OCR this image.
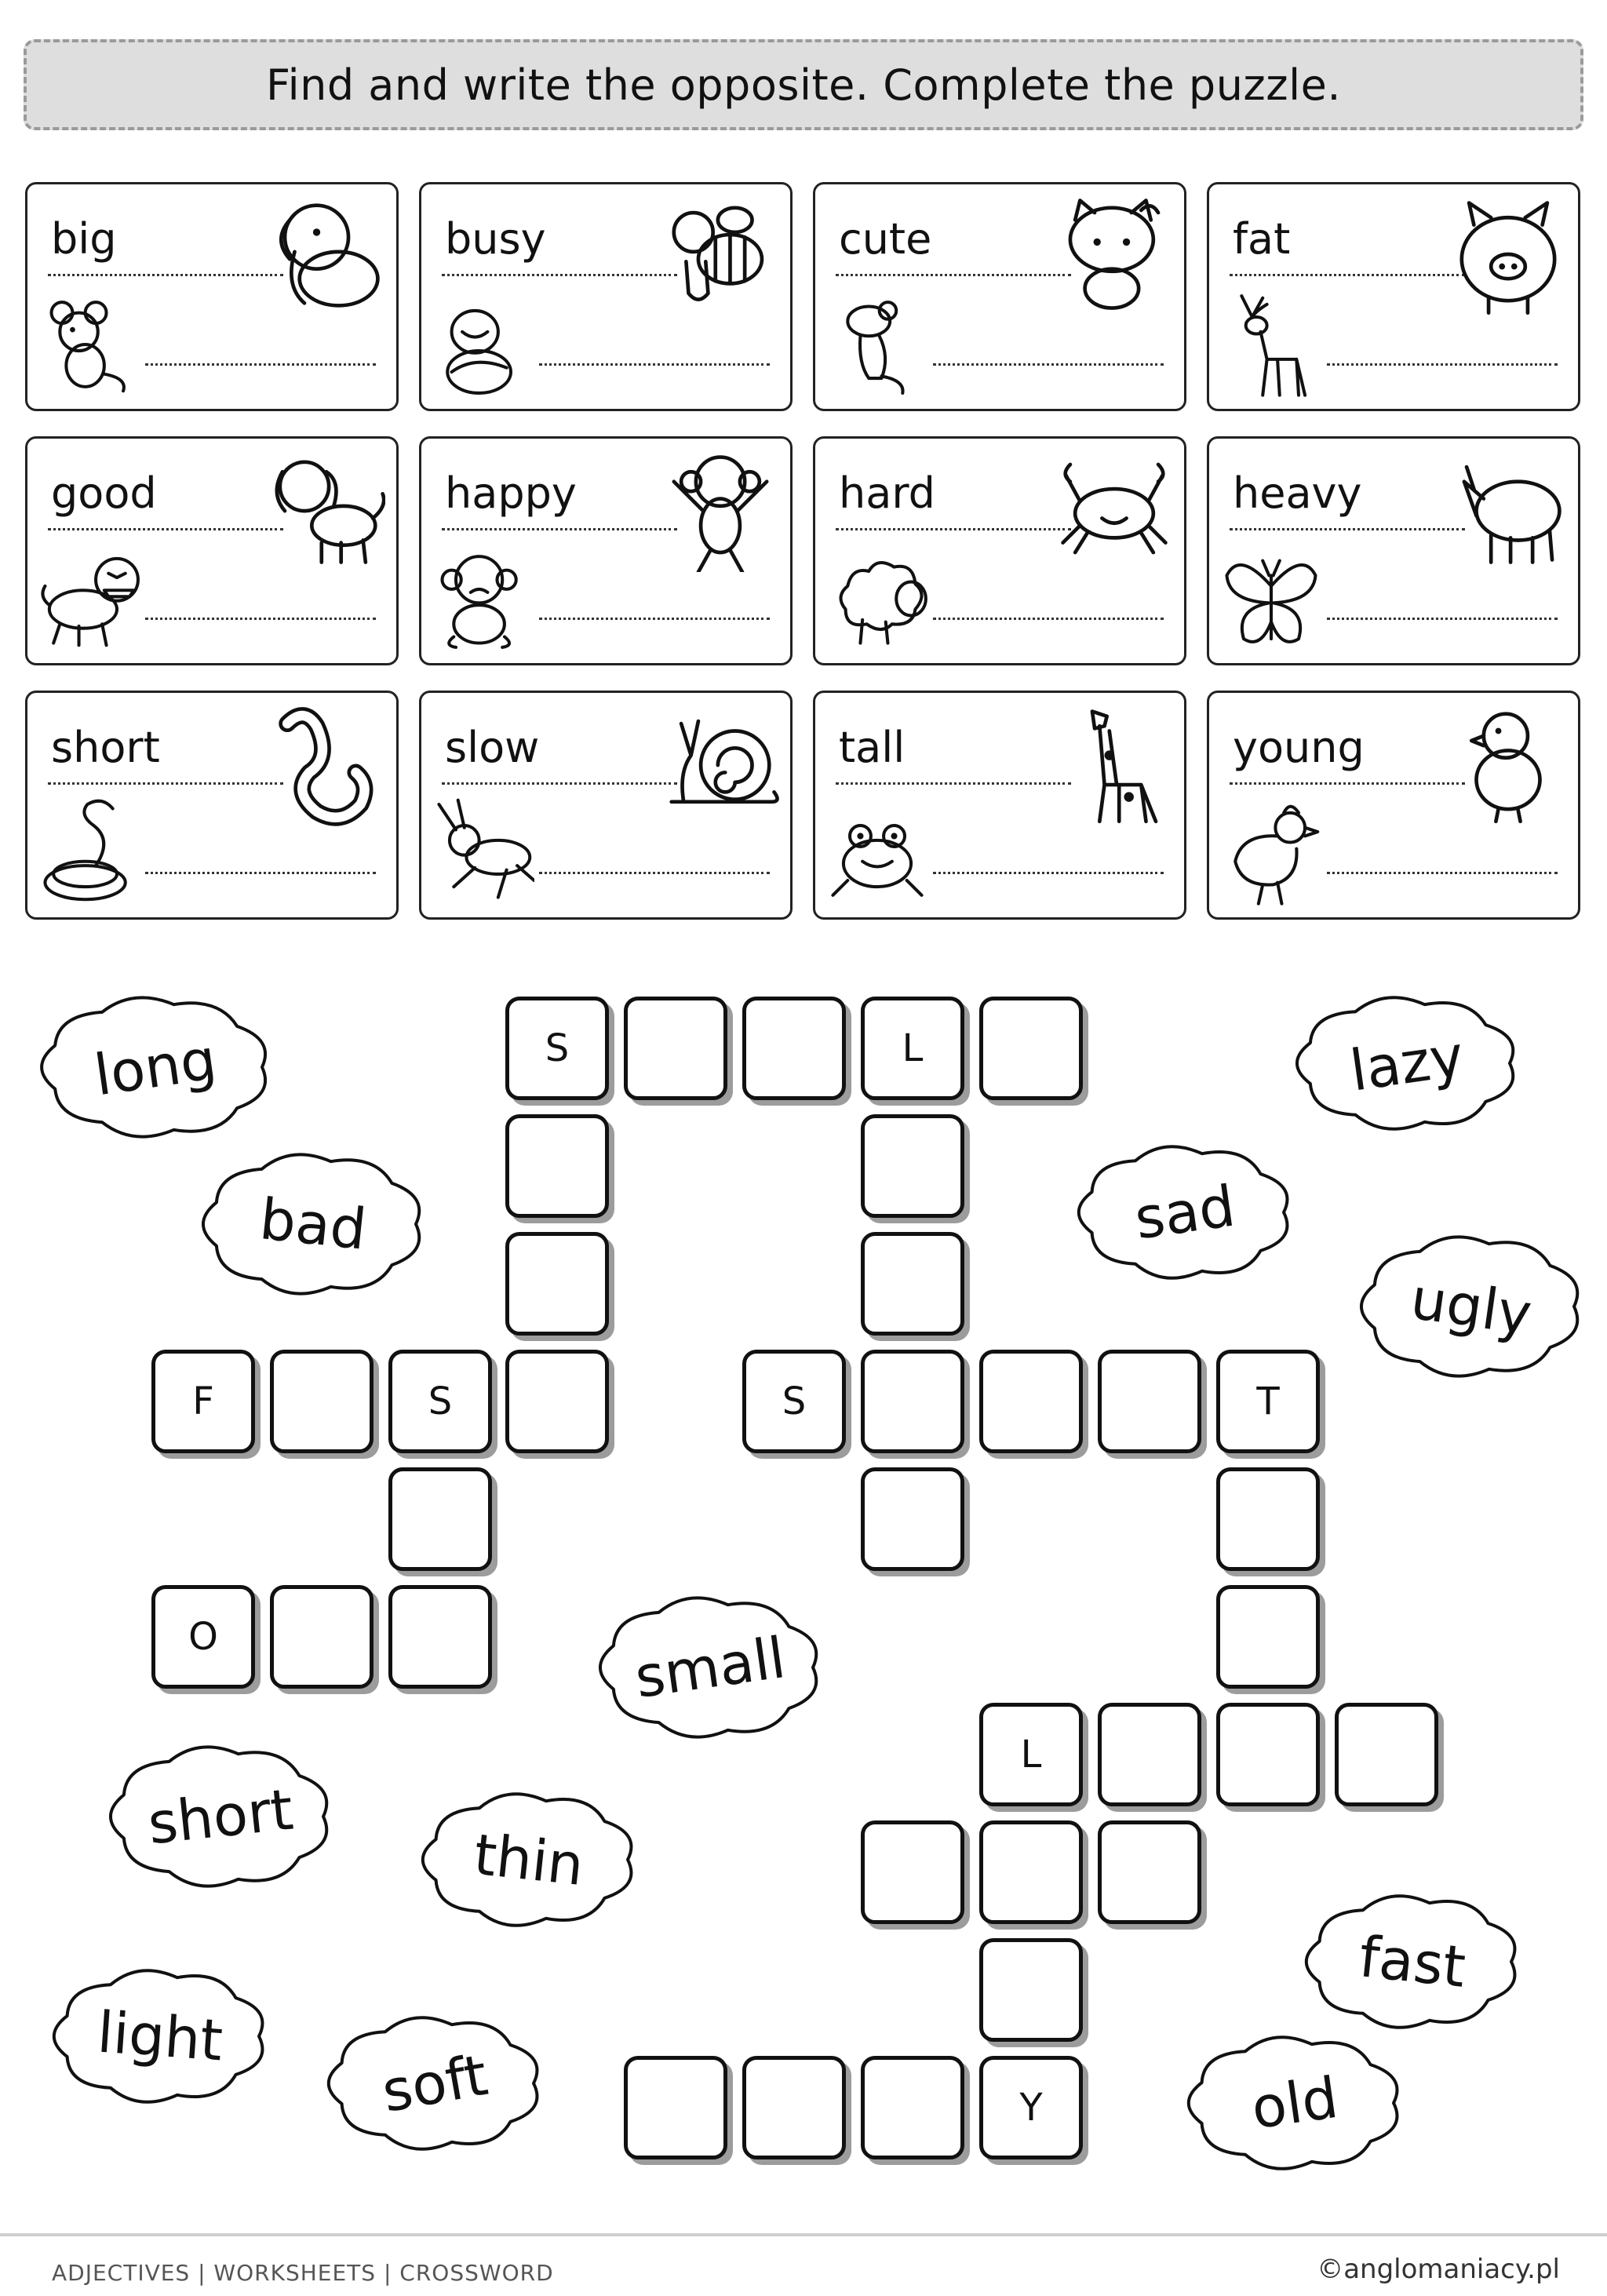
Find and write the opposite. Complete the puzzle.
big	busy	cute	fat
good	happy	hard	heavy
short	slow	tall	young
S	L
F	S	S	T
O
L
Y
long	lazy
bad	sad
ugly
small
short
thin
fast
light
soft	old
ADJECTIVES | WORKSHEETS | CROSSWORD	©anglomaniacy.pl
